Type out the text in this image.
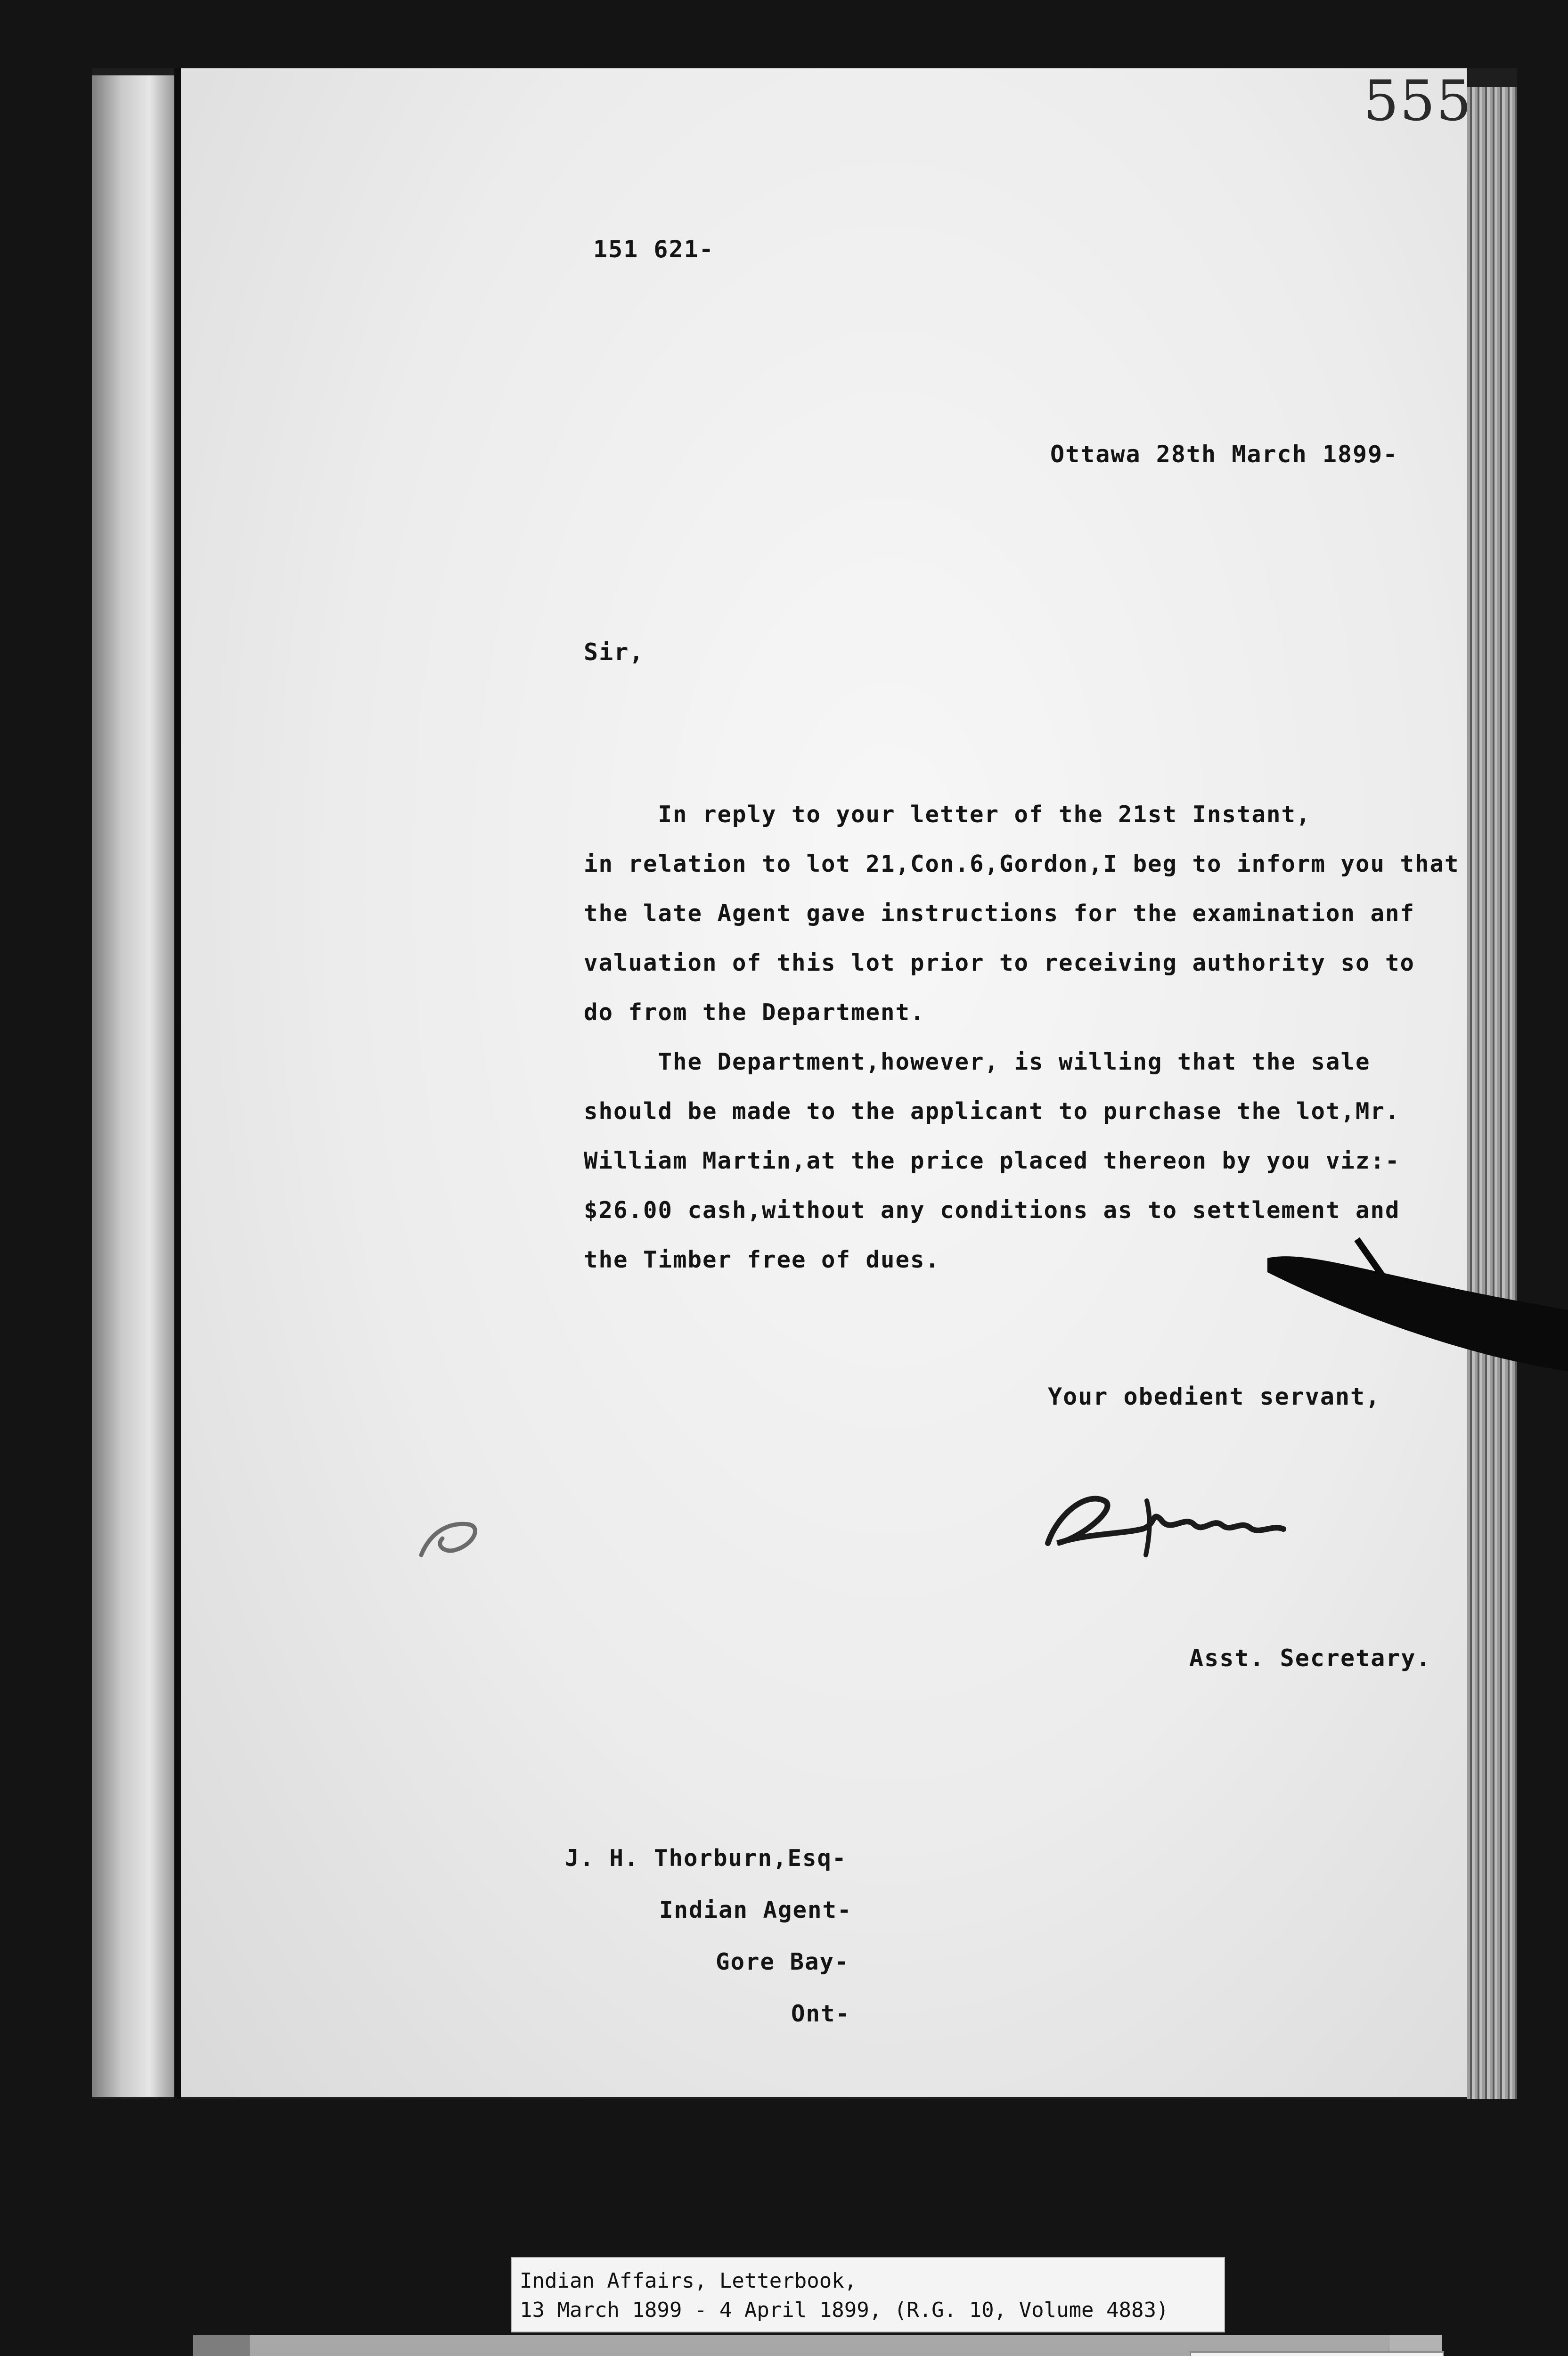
151 621-
Ottawa 28th March 1899-
Sir,
In reply to your letter of the 21st Instant,
in relation to lot 21,Con.6,Gordon,I beg to inform you that
the late Agent gave instructions for the examination anf
valuation of this lot prior to receiving authority so to
do from the Department.
The Department,however, is willing that the sale
should be made to the applicant to purchase the lot,Mr.
William Martin,at the price placed thereon by you viz:-
$26.00 cash,without any conditions as to settlement and
the Timber free of dues.
Your obedient servant,
Asst. Secretary.
J. H. Thorburn,Esq-
Indian Agent-
Gore Bay-
Ont-
555
Indian Affairs, Letterbook,
13 March 1899 - 4 April 1899, (R.G. 10, Volume 4883)
